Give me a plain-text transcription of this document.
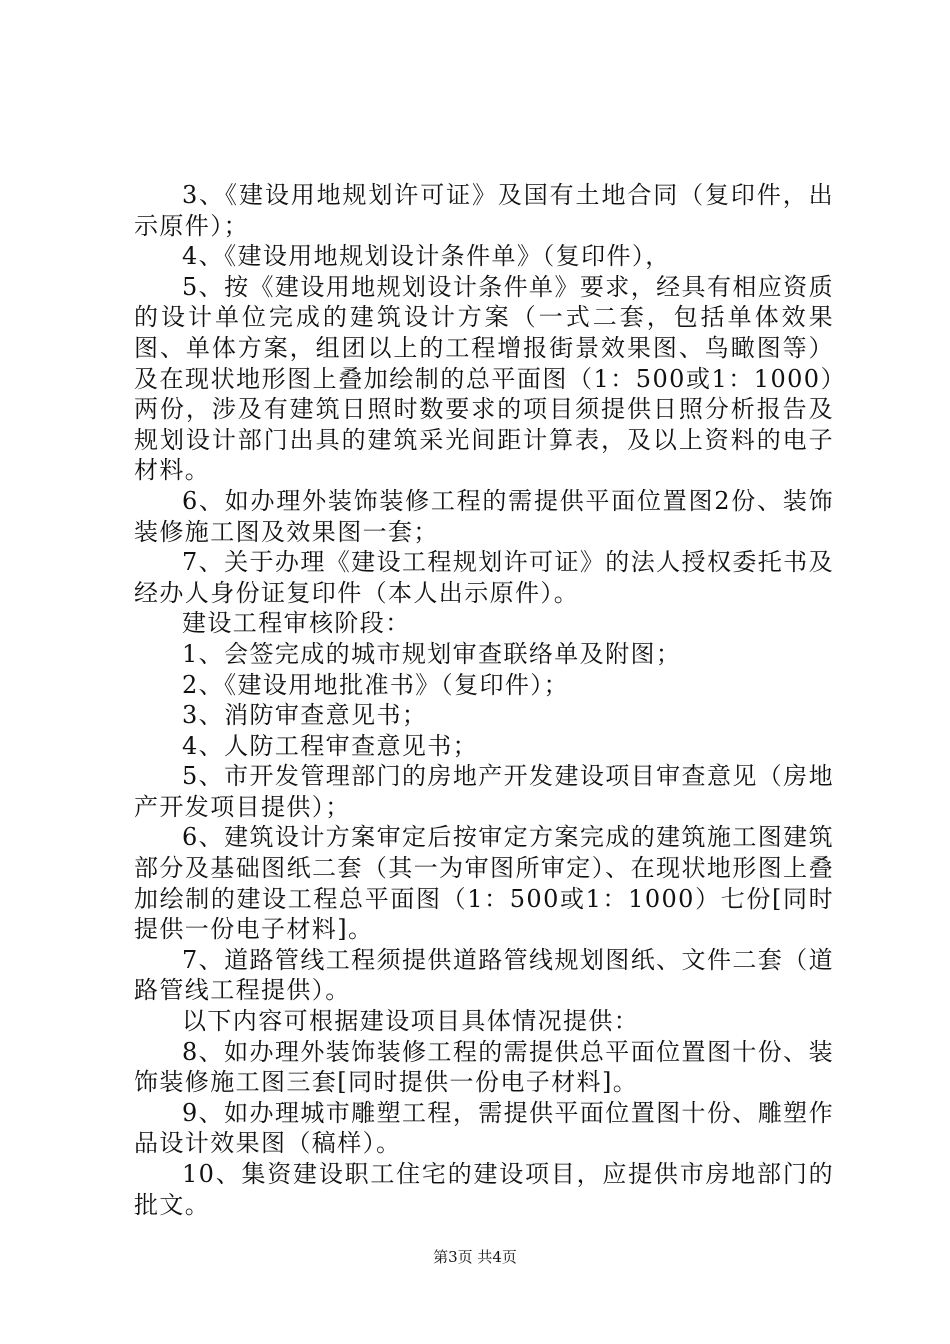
3、《建设用地规划许可证》及国有土地合同（复印件，出示原件）；

4、《建设用地规划设计条件单》（复印件），

5、按《建设用地规划设计条件单》要求，经具有相应资质的设计单位完成的建筑设计方案（一式二套，包括单体效果图、单体方案，组团以上的工程增报街景效果图、鸟瞰图等）及在现状地形图上叠加绘制的总平面图（1：500或1：1000）两份，涉及有建筑日照时数要求的项目须提供日照分析报告及规划设计部门出具的建筑采光间距计算表，及以上资料的电子材料。

6、如办理外装饰装修工程的需提供平面位置图2份、装饰装修施工图及效果图一套；

7、关于办理《建设工程规划许可证》的法人授权委托书及经办人身份证复印件（本人出示原件）。

建设工程审核阶段：

1、会签完成的城市规划审查联络单及附图；

2、《建设用地批准书》（复印件）；

3、消防审查意见书；

4、人防工程审查意见书；

5、市开发管理部门的房地产开发建设项目审查意见（房地产开发项目提供）；

6、建筑设计方案审定后按审定方案完成的建筑施工图建筑部分及基础图纸二套（其一为审图所审定）、在现状地形图上叠加绘制的建设工程总平面图（1：500或1：1000）七份[同时提供一份电子材料]。

7、道路管线工程须提供道路管线规划图纸、文件二套（道路管线工程提供）。

以下内容可根据建设项目具体情况提供：

8、如办理外装饰装修工程的需提供总平面位置图十份、装饰装修施工图三套[同时提供一份电子材料]。

9、如办理城市雕塑工程，需提供平面位置图十份、雕塑作品设计效果图（稿样）。

10、集资建设职工住宅的建设项目，应提供市房地部门的批文。

第3页 共4页
